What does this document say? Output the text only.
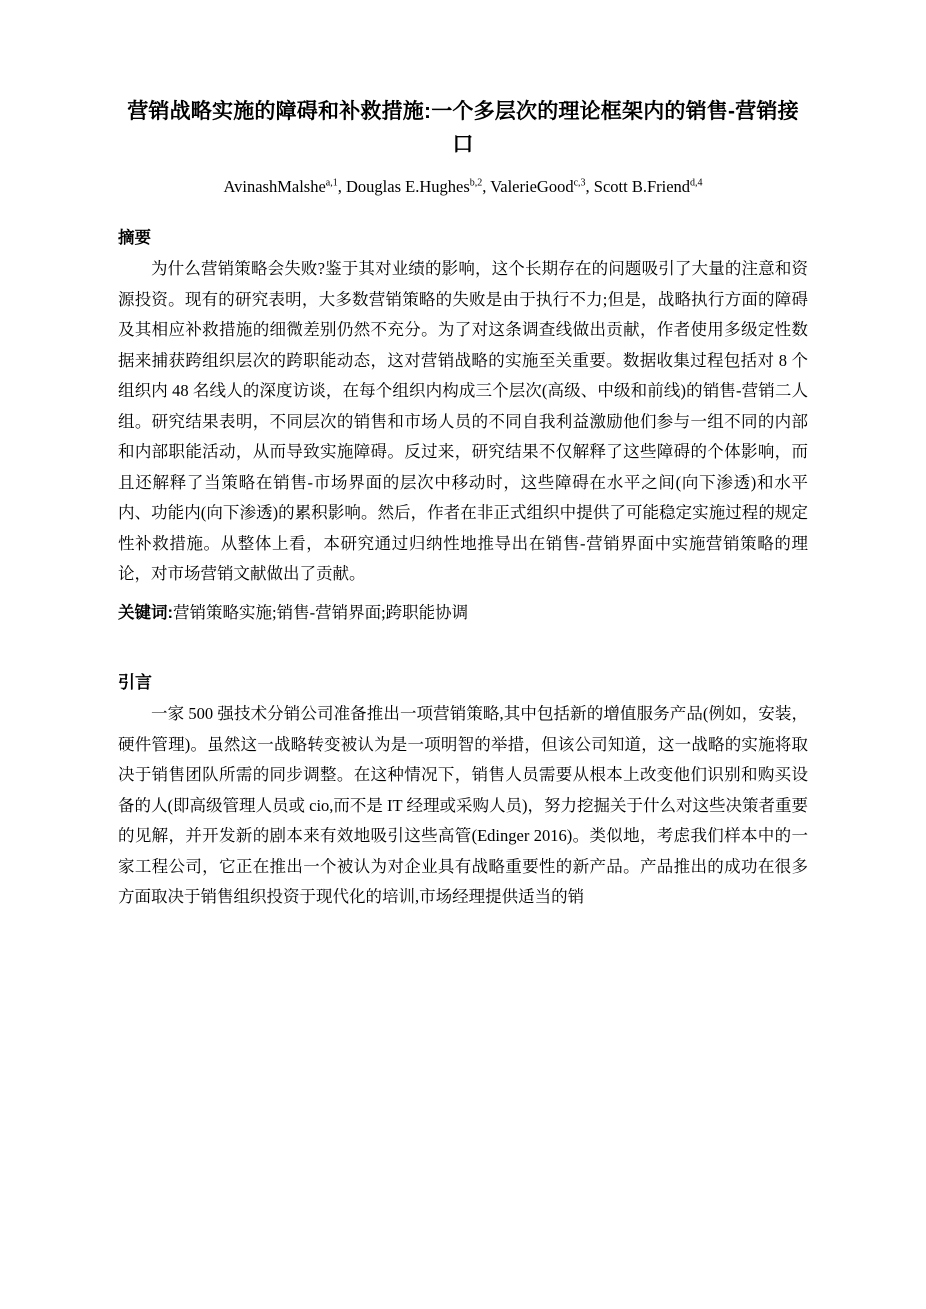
营销战略实施的障碍和补救措施:一个多层次的理论框架内的销售-营销接口
AvinashMalshe$^{a,1}$, Douglas E.Hughes$^{b,2}$, ValerieGood$^{c,3}$, Scott B.Friend$^{d,4}$
摘要

为什么营销策略会失败?鉴于其对业绩的影响，这个长期存在的问题吸引了大量的注意和资源投资。现有的研究表明，大多数营销策略的失败是由于执行不力;但是，战略执行方面的障碍及其相应补救措施的细微差别仍然不充分。为了对这条调查线做出贡献，作者使用多级定性数据来捕获跨组织层次的跨职能动态，这对营销战略的实施至关重要。数据收集过程包括对 8 个组织内 48 名线人的深度访谈，在每个组织内构成三个层次(高级、中级和前线)的销售-营销二人组。研究结果表明，不同层次的销售和市场人员的不同自我利益激励他们参与一组不同的内部和内部职能活动，从而导致实施障碍。反过来，研究结果不仅解释了这些障碍的个体影响，而且还解释了当策略在销售-市场界面的层次中移动时，这些障碍在水平之间(向下渗透)和水平内、功能内(向下渗透)的累积影响。然后，作者在非正式组织中提供了可能稳定实施过程的规定性补救措施。从整体上看，本研究通过归纳性地推导出在销售-营销界面中实施营销策略的理论，对市场营销文献做出了贡献。

关键词:营销策略实施;销售-营销界面;跨职能协调

引言

一家 500 强技术分销公司准备推出一项营销策略,其中包括新的增值服务产品(例如，安装，硬件管理)。虽然这一战略转变被认为是一项明智的举措，但该公司知道，这一战略的实施将取决于销售团队所需的同步调整。在这种情况下，销售人员需要从根本上改变他们识别和购买设备的人(即高级管理人员或 cio,而不是 IT 经理或采购人员)，努力挖掘关于什么对这些决策者重要的见解，并开发新的剧本来有效地吸引这些高管(Edinger 2016)。类似地，考虑我们样本中的一家工程公司，它正在推出一个被认为对企业具有战略重要性的新产品。产品推出的成功在很多方面取决于销售组织投资于现代化的培训,市场经理提供适当的销
